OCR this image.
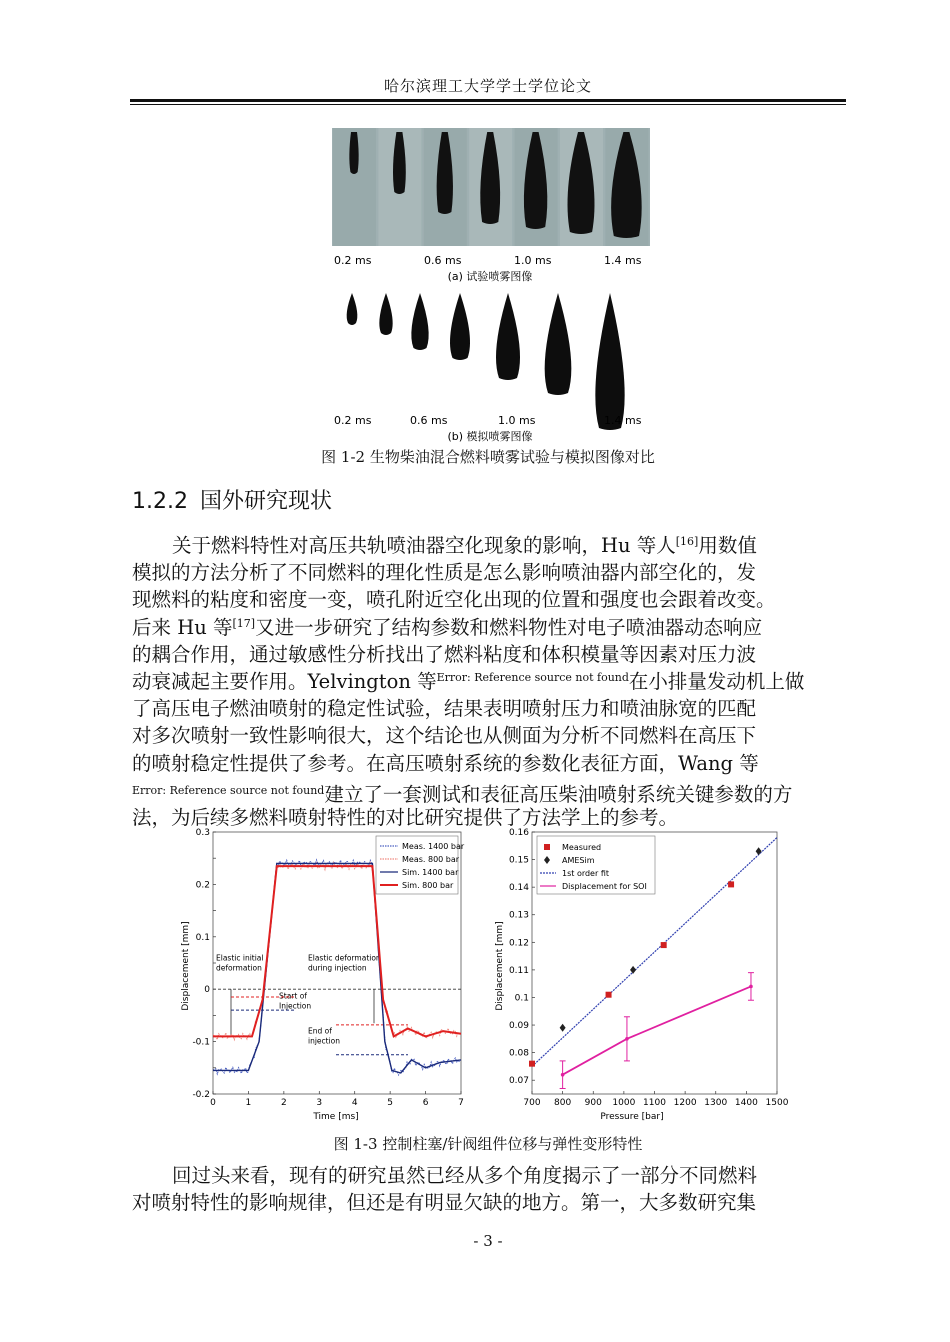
哈尔滨理工大学学士学位论文
0.2 ms	0.6 ms	1.0 ms	1.4 ms
(a) 试验喷雾图像
0.2 ms	0.6 ms	1.0 ms	1.4 ms
(b) 模拟喷雾图像
图 1-2 生物柴油混合燃料喷雾试验与模拟图像对比
1.2.2 国外研究现状
关于燃料特性对高压共轨喷油器空化现象的影响，Hu 等人[16]用数值
模拟的方法分析了不同燃料的理化性质是怎么影响喷油器内部空化的，发
现燃料的粘度和密度一变，喷孔附近空化出现的位置和强度也会跟着改变。
后来 Hu 等[17]又进一步研究了结构参数和燃料物性对电子喷油器动态响应
的耦合作用，通过敏感性分析找出了燃料粘度和体积模量等因素对压力波
动衰减起主要作用。Yelvington 等$^{Error: Reference source not found}$在小排量发动机上做
了高压电子燃油喷射的稳定性试验，结果表明喷射压力和喷油脉宽的匹配
对多次喷射一致性影响很大，这个结论也从侧面为分析不同燃料在高压下
的喷射稳定性提供了参考。在高压喷射系统的参数化表征方面，Wang 等
$^{Error: Reference source not found}$建立了一套测试和表征高压柴油喷射系统关键参数的方
法，为后续多燃料喷射特性的对比研究提供了方法学上的参考。
Elastic initial
deformation
Elastic deformation
during injection
Start of
Injection
End of
injection
0	1	2	3	4	5	6	7
0.3
0.2
0.1
0
-0.1
-0.2
Meas. 1400 bar
Meas. 800 bar
Sim. 1400 bar
Sim. 800 bar
Time [ms]
Displacement [mm]
700 800 900 1000 1100 1200 1300 1400 1500
0.07
0.08
0.09
0.1
0.11
0.12
0.13
0.14
0.15
0.16
Measured
AMESim
1st order fit
Displacement for SOI
Pressure [bar]
Displacement [mm]
图 1-3 控制柱塞/针阀组件位移与弹性变形特性
回过头来看，现有的研究虽然已经从多个角度揭示了一部分不同燃料
对喷射特性的影响规律，但还是有明显欠缺的地方。第一，大多数研究集
- 3 -
